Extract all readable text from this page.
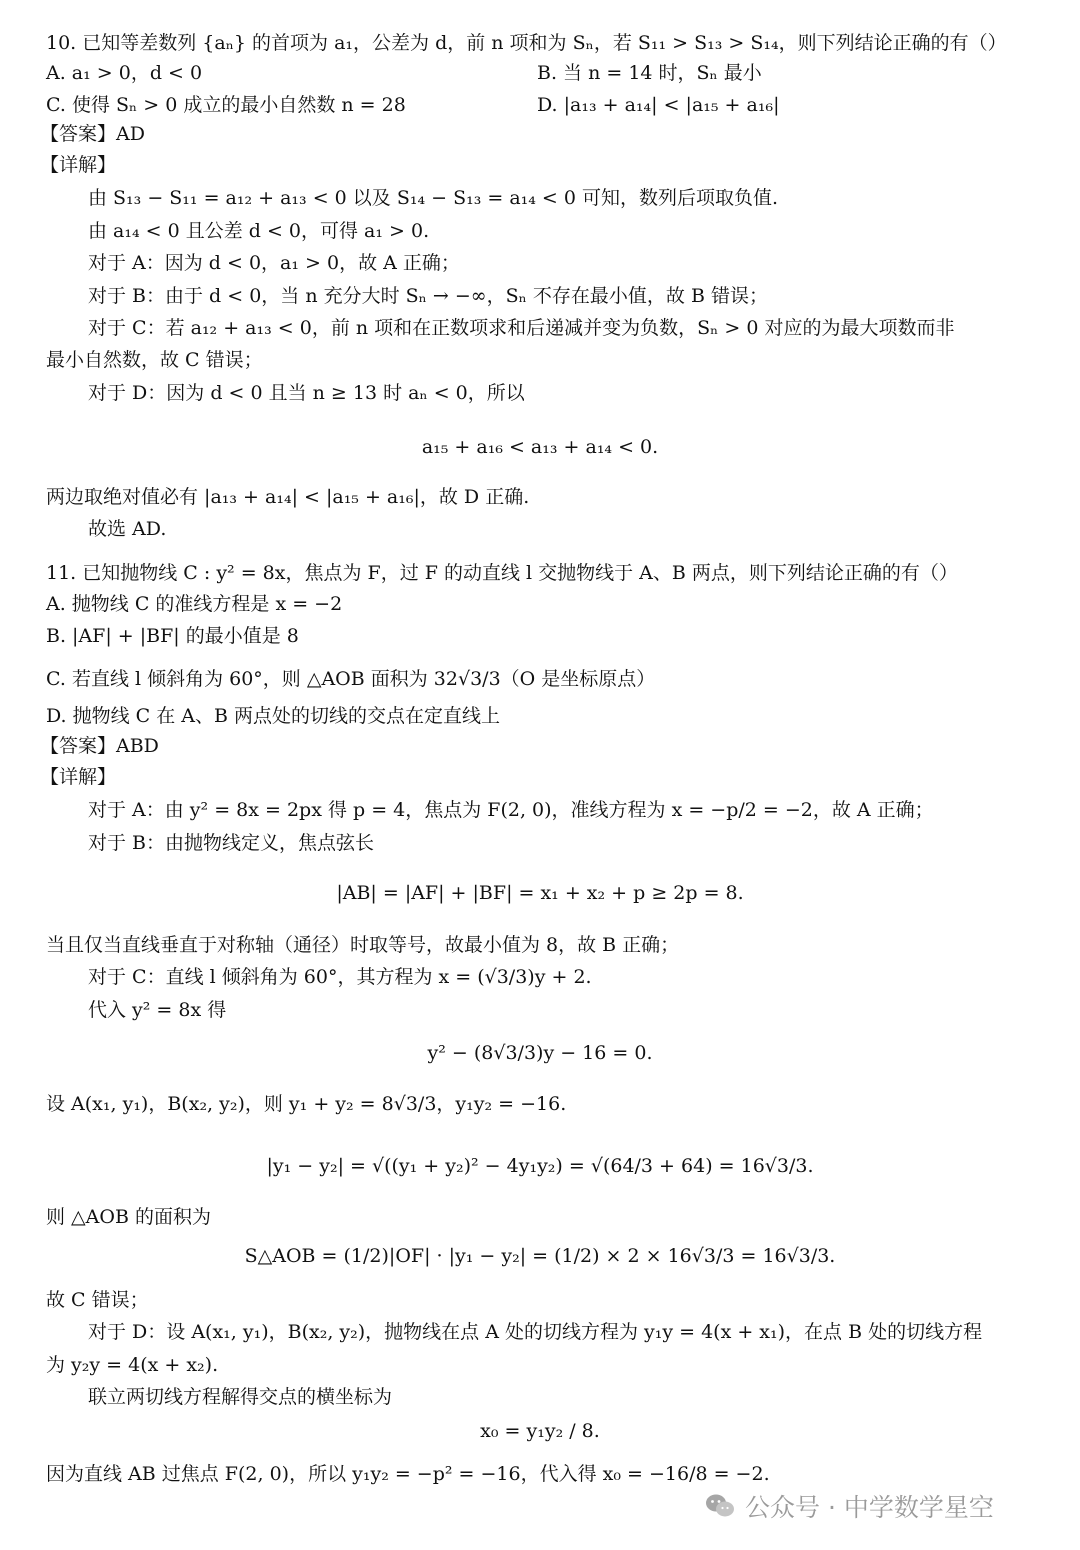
10. 已知等差数列 {aₙ} 的首项为 a₁，公差为 d，前 n 项和为 Sₙ，若 S₁₁ > S₁₃ > S₁₄，则下列结论正确的有（）
A. a₁ > 0，d < 0	B. 当 n = 14 时，Sₙ 最小
C. 使得 Sₙ > 0 成立的最小自然数 n = 28	D. |a₁₃ + a₁₄| < |a₁₅ + a₁₆|
【答案】AD
【详解】
由 S₁₃ − S₁₁ = a₁₂ + a₁₃ < 0 以及 S₁₄ − S₁₃ = a₁₄ < 0 可知，数列后项取负值.
由 a₁₄ < 0 且公差 d < 0，可得 a₁ > 0.
对于 A：因为 d < 0，a₁ > 0，故 A 正确；
对于 B：由于 d < 0，当 n 充分大时 Sₙ → −∞，Sₙ 不存在最小值，故 B 错误；
对于 C：若 a₁₂ + a₁₃ < 0，前 n 项和在正数项求和后递减并变为负数，Sₙ > 0 对应的为最大项数而非
最小自然数，故 C 错误；
对于 D：因为 d < 0 且当 n ≥ 13 时 aₙ < 0，所以
a₁₅ + a₁₆ < a₁₃ + a₁₄ < 0.
两边取绝对值必有 |a₁₃ + a₁₄| < |a₁₅ + a₁₆|，故 D 正确.
故选 AD.
11. 已知抛物线 C : y² = 8x，焦点为 F，过 F 的动直线 l 交抛物线于 A、B 两点，则下列结论正确的有（）
A. 抛物线 C 的准线方程是 x = −2
B. |AF| + |BF| 的最小值是 8
C. 若直线 l 倾斜角为 60°，则 △AOB 面积为 32√3/3（O 是坐标原点）
D. 抛物线 C 在 A、B 两点处的切线的交点在定直线上
【答案】ABD
【详解】
对于 A：由 y² = 8x = 2px 得 p = 4，焦点为 F(2, 0)，准线方程为 x = −p/2 = −2，故 A 正确；
对于 B：由抛物线定义，焦点弦长
|AB| = |AF| + |BF| = x₁ + x₂ + p ≥ 2p = 8.
当且仅当直线垂直于对称轴（通径）时取等号，故最小值为 8，故 B 正确；
对于 C：直线 l 倾斜角为 60°，其方程为 x = (√3/3)y + 2.
代入 y² = 8x 得
y² − (8√3/3)y − 16 = 0.
设 A(x₁, y₁)，B(x₂, y₂)，则 y₁ + y₂ = 8√3/3，y₁y₂ = −16.
|y₁ − y₂| = √((y₁ + y₂)² − 4y₁y₂) = √(64/3 + 64) = 16√3/3.
则 △AOB 的面积为
S△AOB = (1/2)|OF| · |y₁ − y₂| = (1/2) × 2 × 16√3/3 = 16√3/3.
故 C 错误；
对于 D：设 A(x₁, y₁)，B(x₂, y₂)，抛物线在点 A 处的切线方程为 y₁y = 4(x + x₁)，在点 B 处的切线方程
为 y₂y = 4(x + x₂).
联立两切线方程解得交点的横坐标为
x₀ = y₁y₂ / 8.
因为直线 AB 过焦点 F(2, 0)，所以 y₁y₂ = −p² = −16，代入得 x₀ = −16/8 = −2.
公众号 · 中学数学星空
